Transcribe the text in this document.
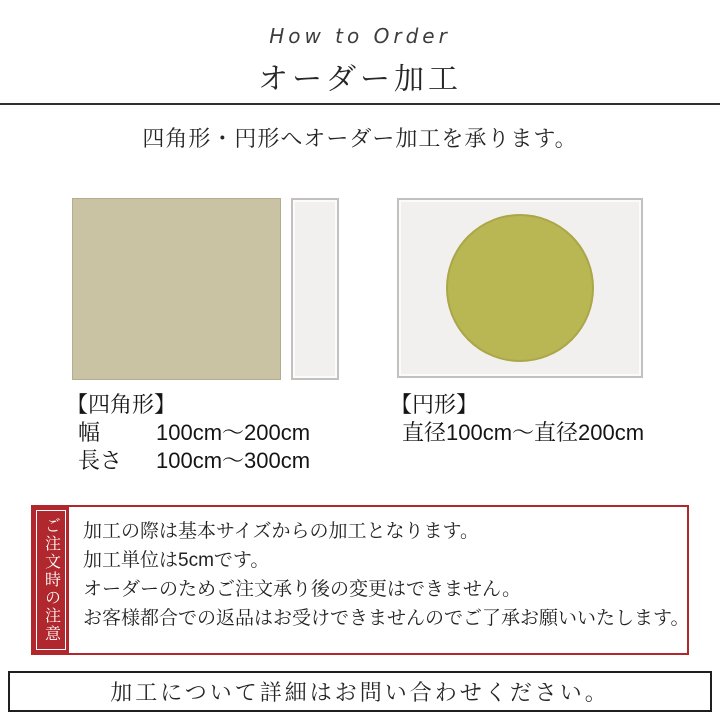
How to Order
オーダー加工
四角形・円形へオーダー加工を承ります。
【四角形】
幅	100cm〜200cm
長さ	100cm〜300cm
【円形】
直径100cm〜直径200cm
ご注文時の注意 加工の際は基本サイズからの加工となります。

加工単位は5cmです。

オーダーのためご注文承り後の変更はできません。

お客様都合での返品はお受けできませんのでご了承お願いいたします。

加工について詳細はお問い合わせください。
